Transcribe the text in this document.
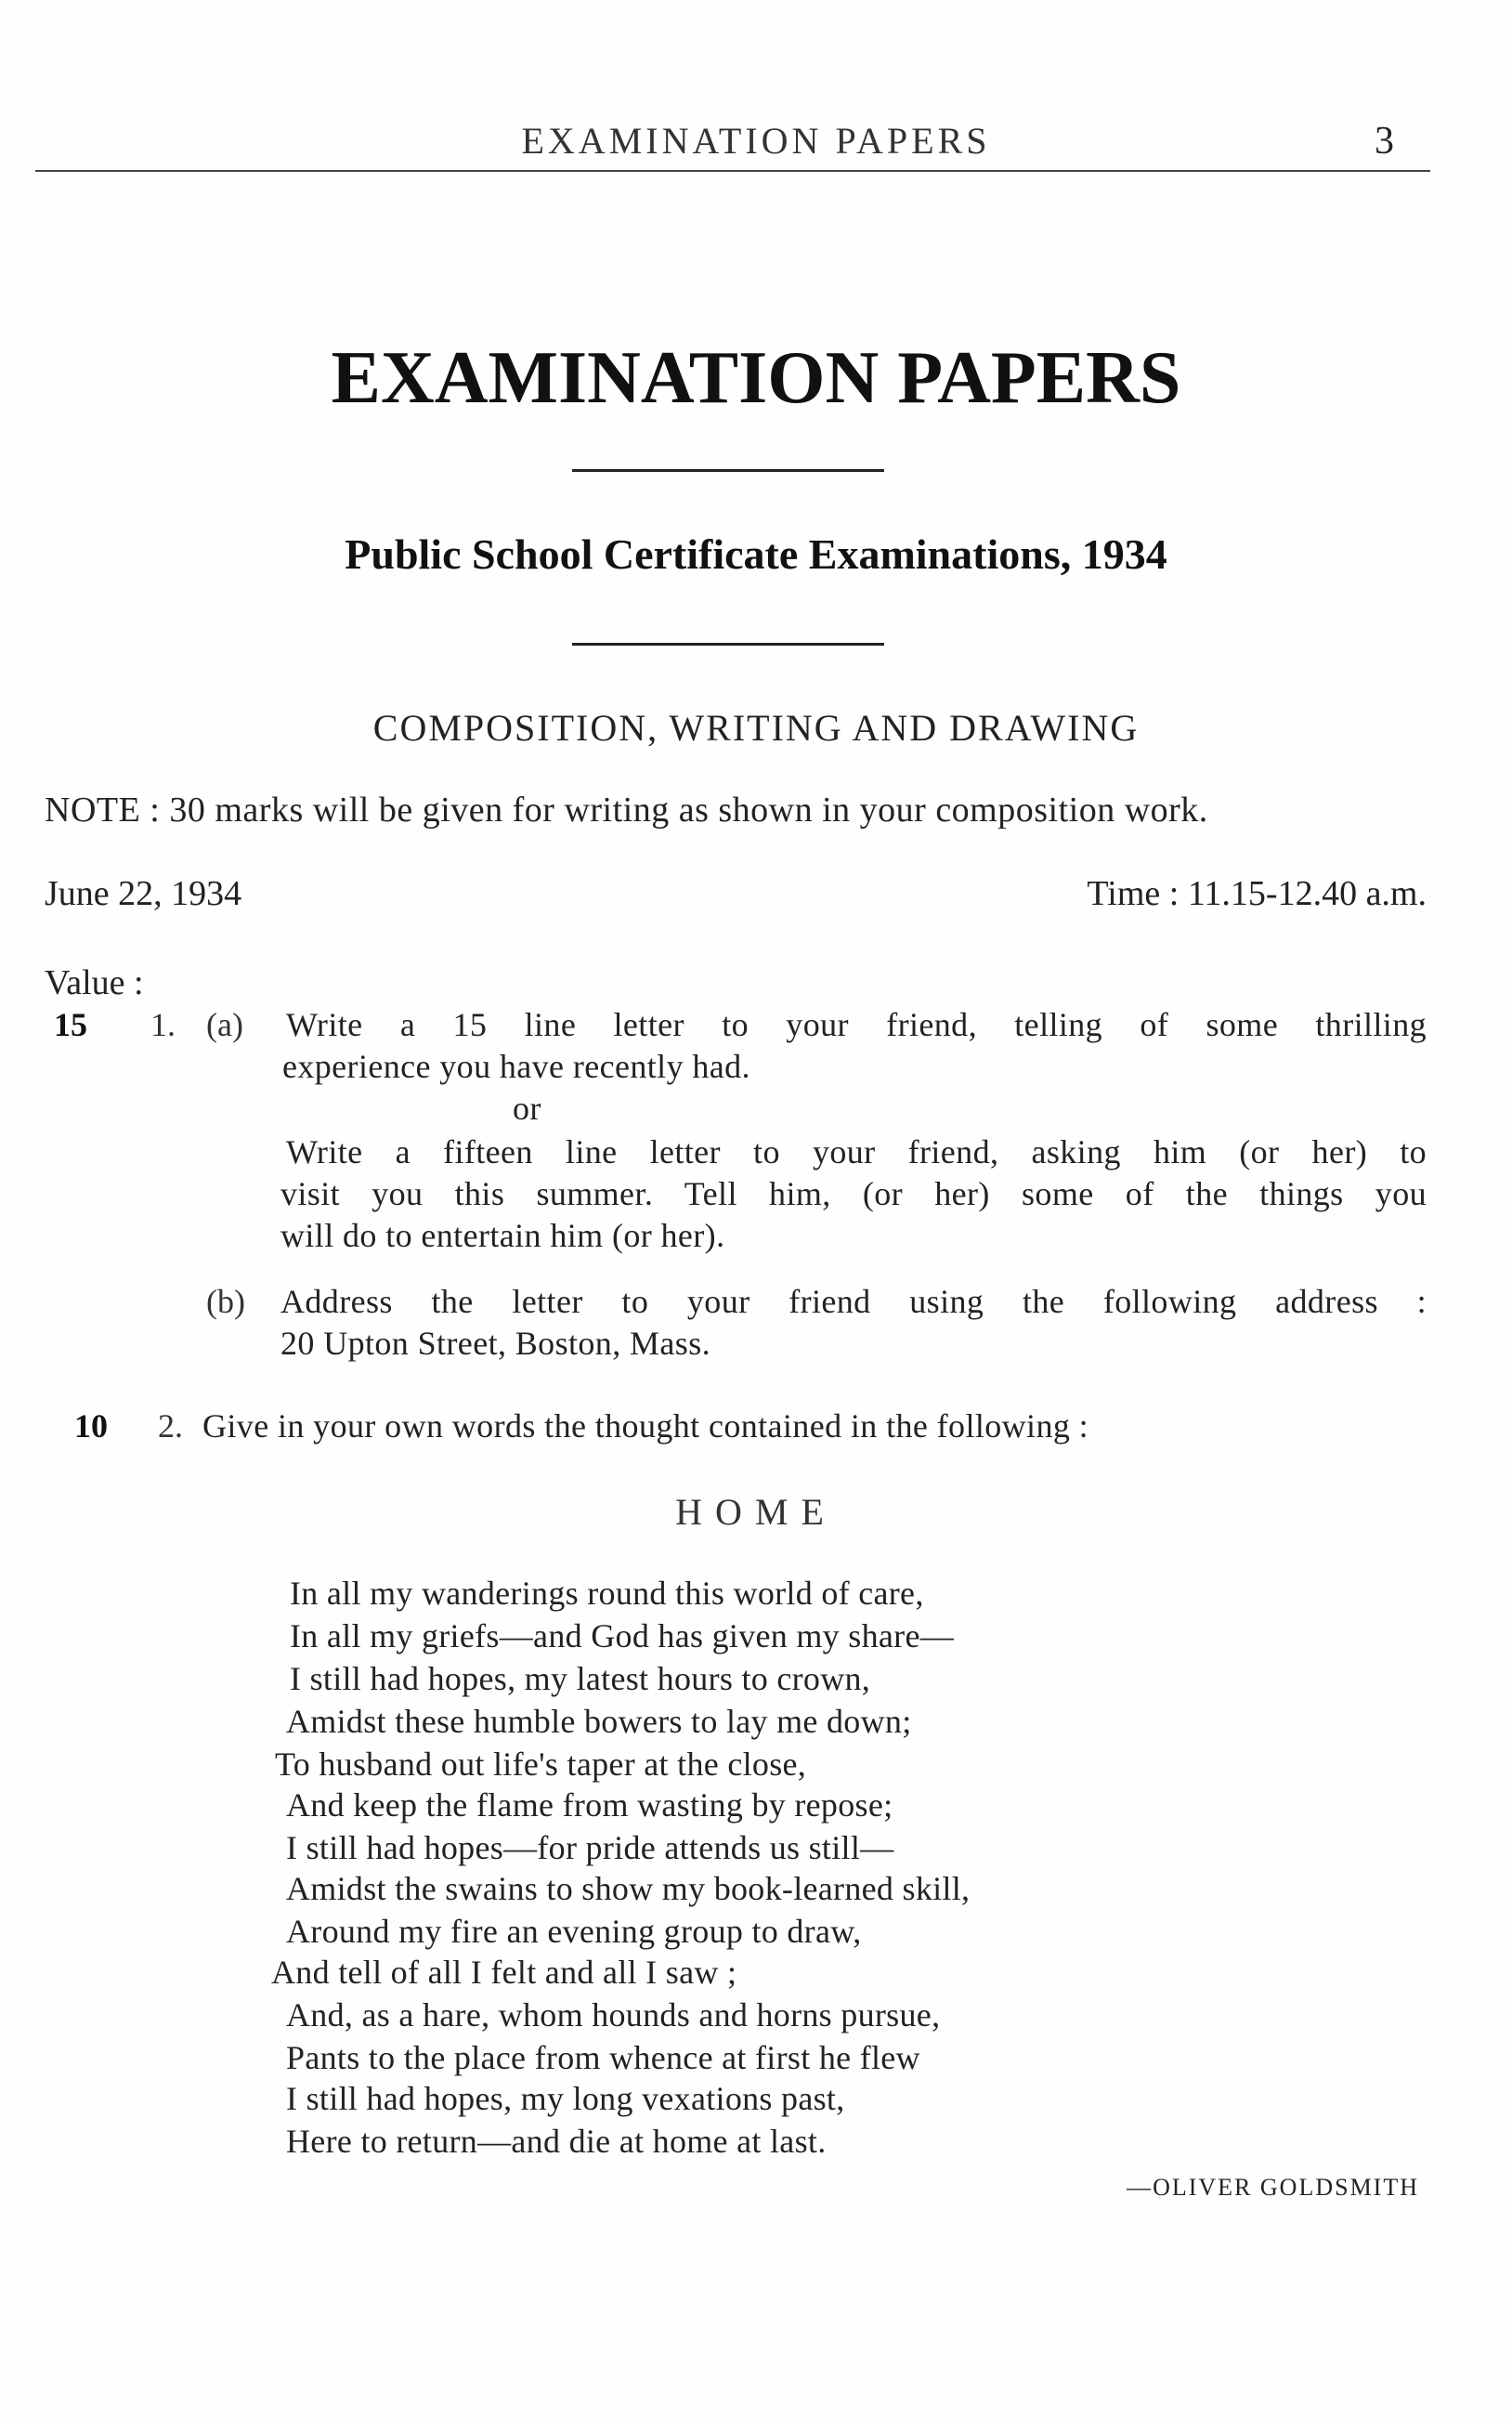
EXAMINATION PAPERS	3
EXAMINATION PAPERS
Public School Certificate Examinations, 1934
COMPOSITION, WRITING AND DRAWING
NOTE : 30 marks will be given for writing as shown in your composition work.
June 22, 1934	Time : 11.15-12.40 a.m.
Value :
15 1. (a) Write a 15 line letter to your friend, telling of some thrilling
experience you have recently had.
or
Write a fifteen line letter to your friend, asking him (or her) to
visit you this summer. Tell him, (or her) some of the things you
will do to entertain him (or her).
(b) Address the letter to your friend using the following address :
20 Upton Street, Boston, Mass.
10 2. Give in your own words the thought contained in the following :
HOME
In all my wanderings round this world of care,
In all my griefs—and God has given my share—
I still had hopes, my latest hours to crown,
Amidst these humble bowers to lay me down;
To husband out life's taper at the close,
And keep the flame from wasting by repose;
I still had hopes—for pride attends us still—
Amidst the swains to show my book-learned skill,
Around my fire an evening group to draw,
And tell of all I felt and all I saw ;
And, as a hare, whom hounds and horns pursue,
Pants to the place from whence at first he flew
I still had hopes, my long vexations past,
Here to return—and die at home at last.
—OLIVER GOLDSMITH
